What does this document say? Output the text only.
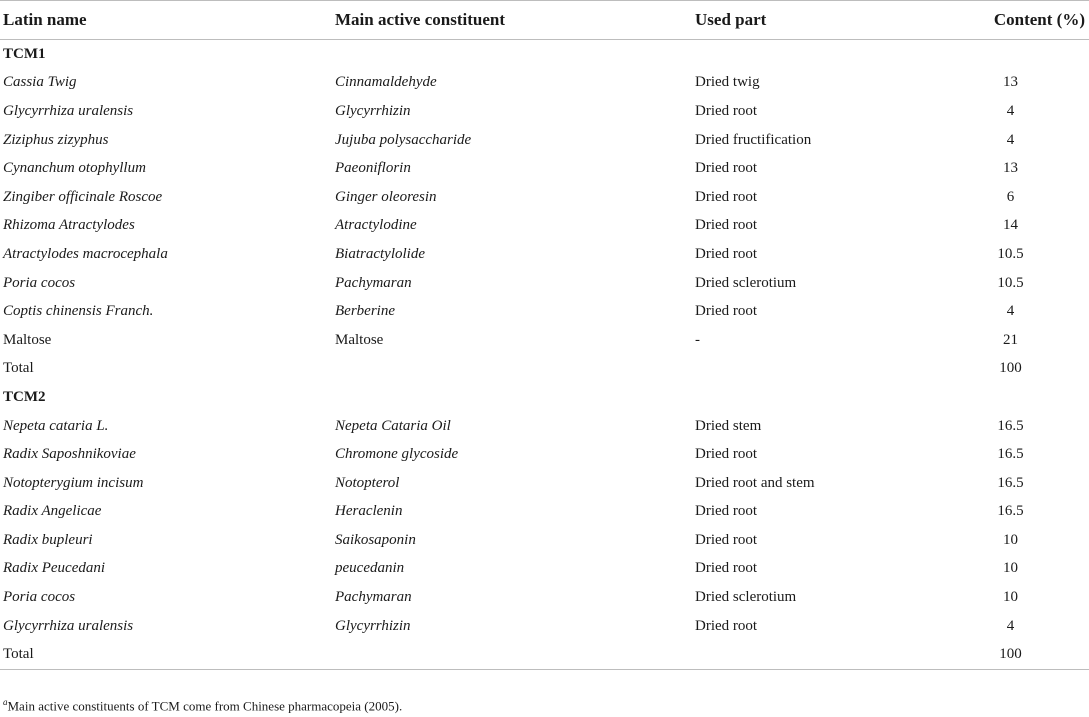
Latin name	Main active constituent	Used part	Content (%)
TCM1			
Cassia Twig	Cinnamaldehyde	Dried twig	13
Glycyrrhiza uralensis	Glycyrrhizin	Dried root	4
Ziziphus zizyphus	Jujuba polysaccharide	Dried fructification	4
Cynanchum otophyllum	Paeoniflorin	Dried root	13
Zingiber officinale Roscoe	Ginger oleoresin	Dried root	6
Rhizoma Atractylodes	Atractylodine	Dried root	14
Atractylodes macrocephala	Biatractylolide	Dried root	10.5
Poria cocos	Pachymaran	Dried sclerotium	10.5
Coptis chinensis Franch.	Berberine	Dried root	4
Maltose	Maltose	-	21
Total			100
TCM2			
Nepeta cataria L.	Nepeta Cataria Oil	Dried stem	16.5
Radix Saposhnikoviae	Chromone glycoside	Dried root	16.5
Notopterygium incisum	Notopterol	Dried root and stem	16.5
Radix Angelicae	Heraclenin	Dried root	16.5
Radix bupleuri	Saikosaponin	Dried root	10
Radix Peucedani	peucedanin	Dried root	10
Poria cocos	Pachymaran	Dried sclerotium	10
Glycyrrhiza uralensis	Glycyrrhizin	Dried root	4
Total			100
$^a$Main active constituents of TCM come from Chinese pharmacopeia (2005).
